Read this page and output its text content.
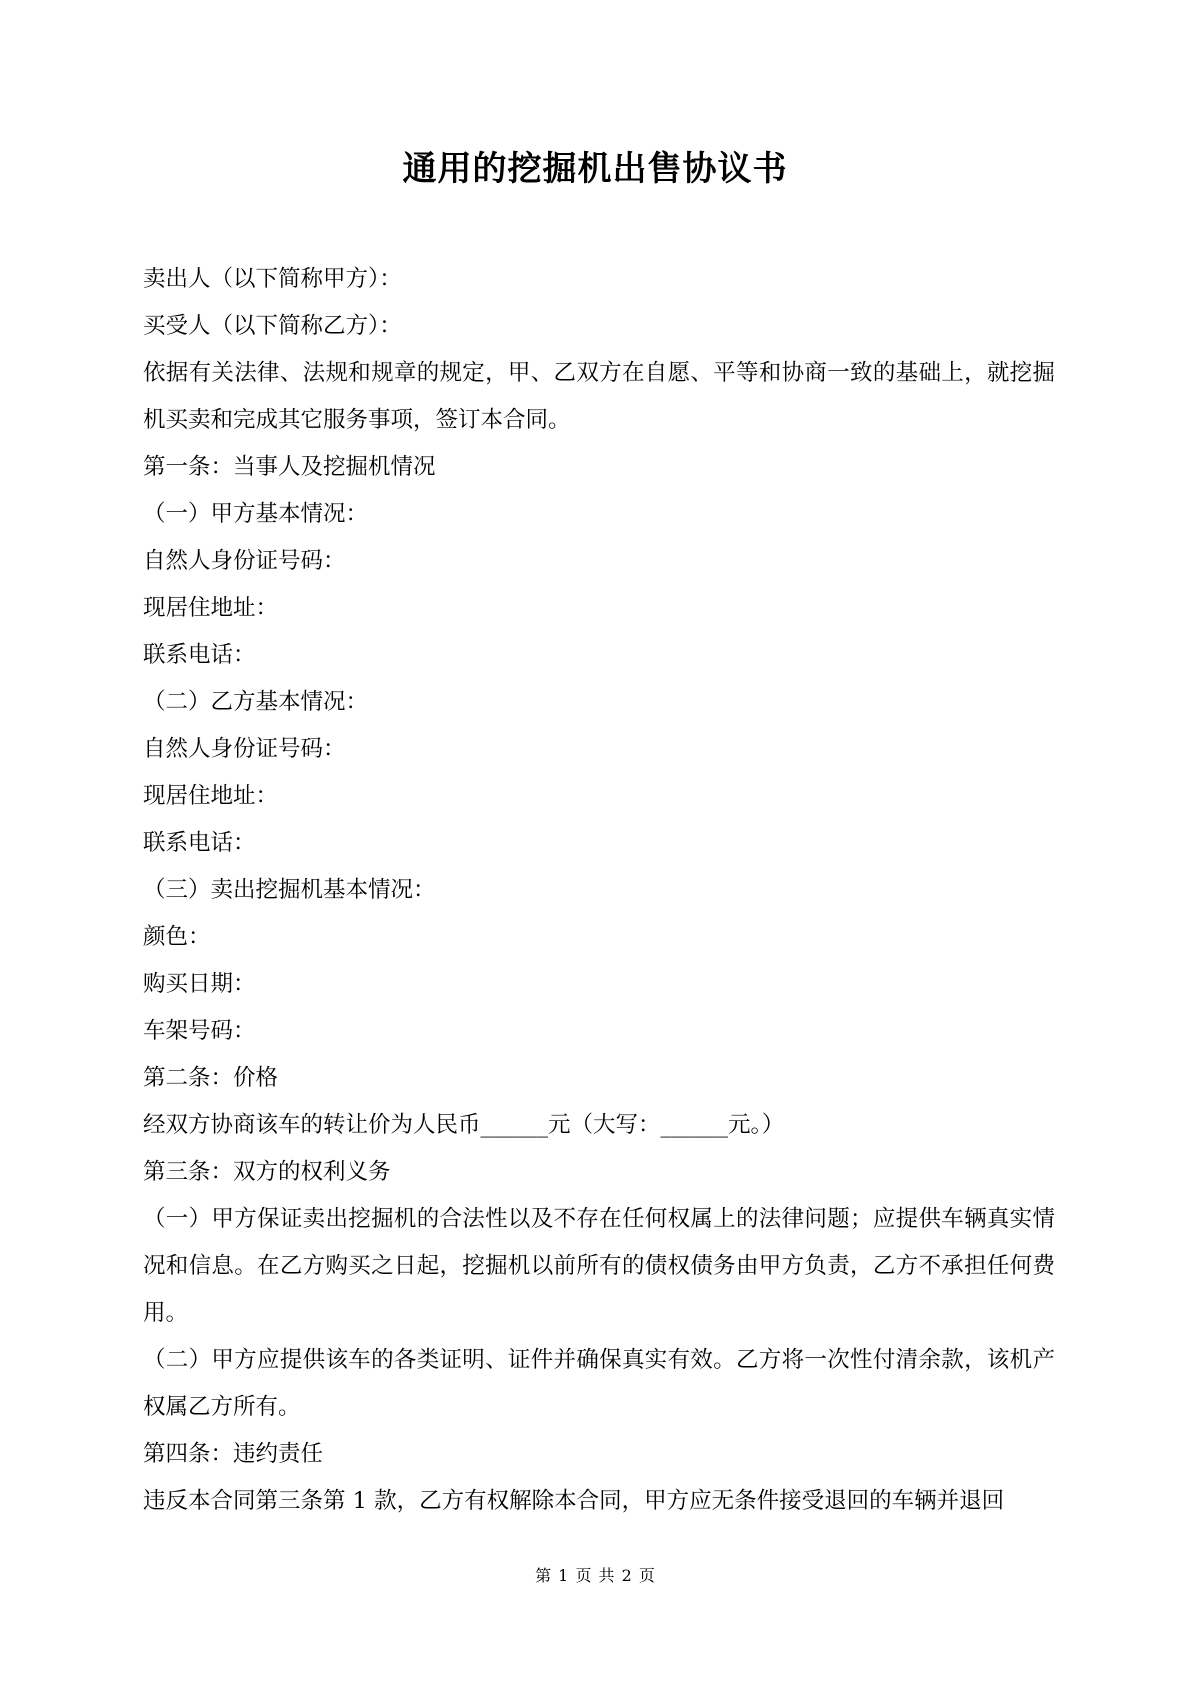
通用的挖掘机出售协议书

卖出人（以下简称甲方）：

买受人（以下简称乙方）：

依据有关法律、法规和规章的规定，甲、乙双方在自愿、平等和协商一致的基础上，就挖掘机买卖和完成其它服务事项，签订本合同。

第一条：当事人及挖掘机情况

（一）甲方基本情况：

自然人身份证号码：

现居住地址：

联系电话：

（二）乙方基本情况：

自然人身份证号码：

现居住地址：

联系电话：

（三）卖出挖掘机基本情况：

颜色：

购买日期：

车架号码：

第二条：价格

经双方协商该车的转让价为人民币______元（大写：______元。）

第三条：双方的权利义务

（一）甲方保证卖出挖掘机的合法性以及不存在任何权属上的法律问题；应提供车辆真实情况和信息。在乙方购买之日起，挖掘机以前所有的债权债务由甲方负责，乙方不承担任何费用。

（二）甲方应提供该车的各类证明、证件并确保真实有效。乙方将一次性付清余款，该机产权属乙方所有。

第四条：违约责任

违反本合同第三条第 1 款，乙方有权解除本合同，甲方应无条件接受退回的车辆并退回

第 1 页 共 2 页
